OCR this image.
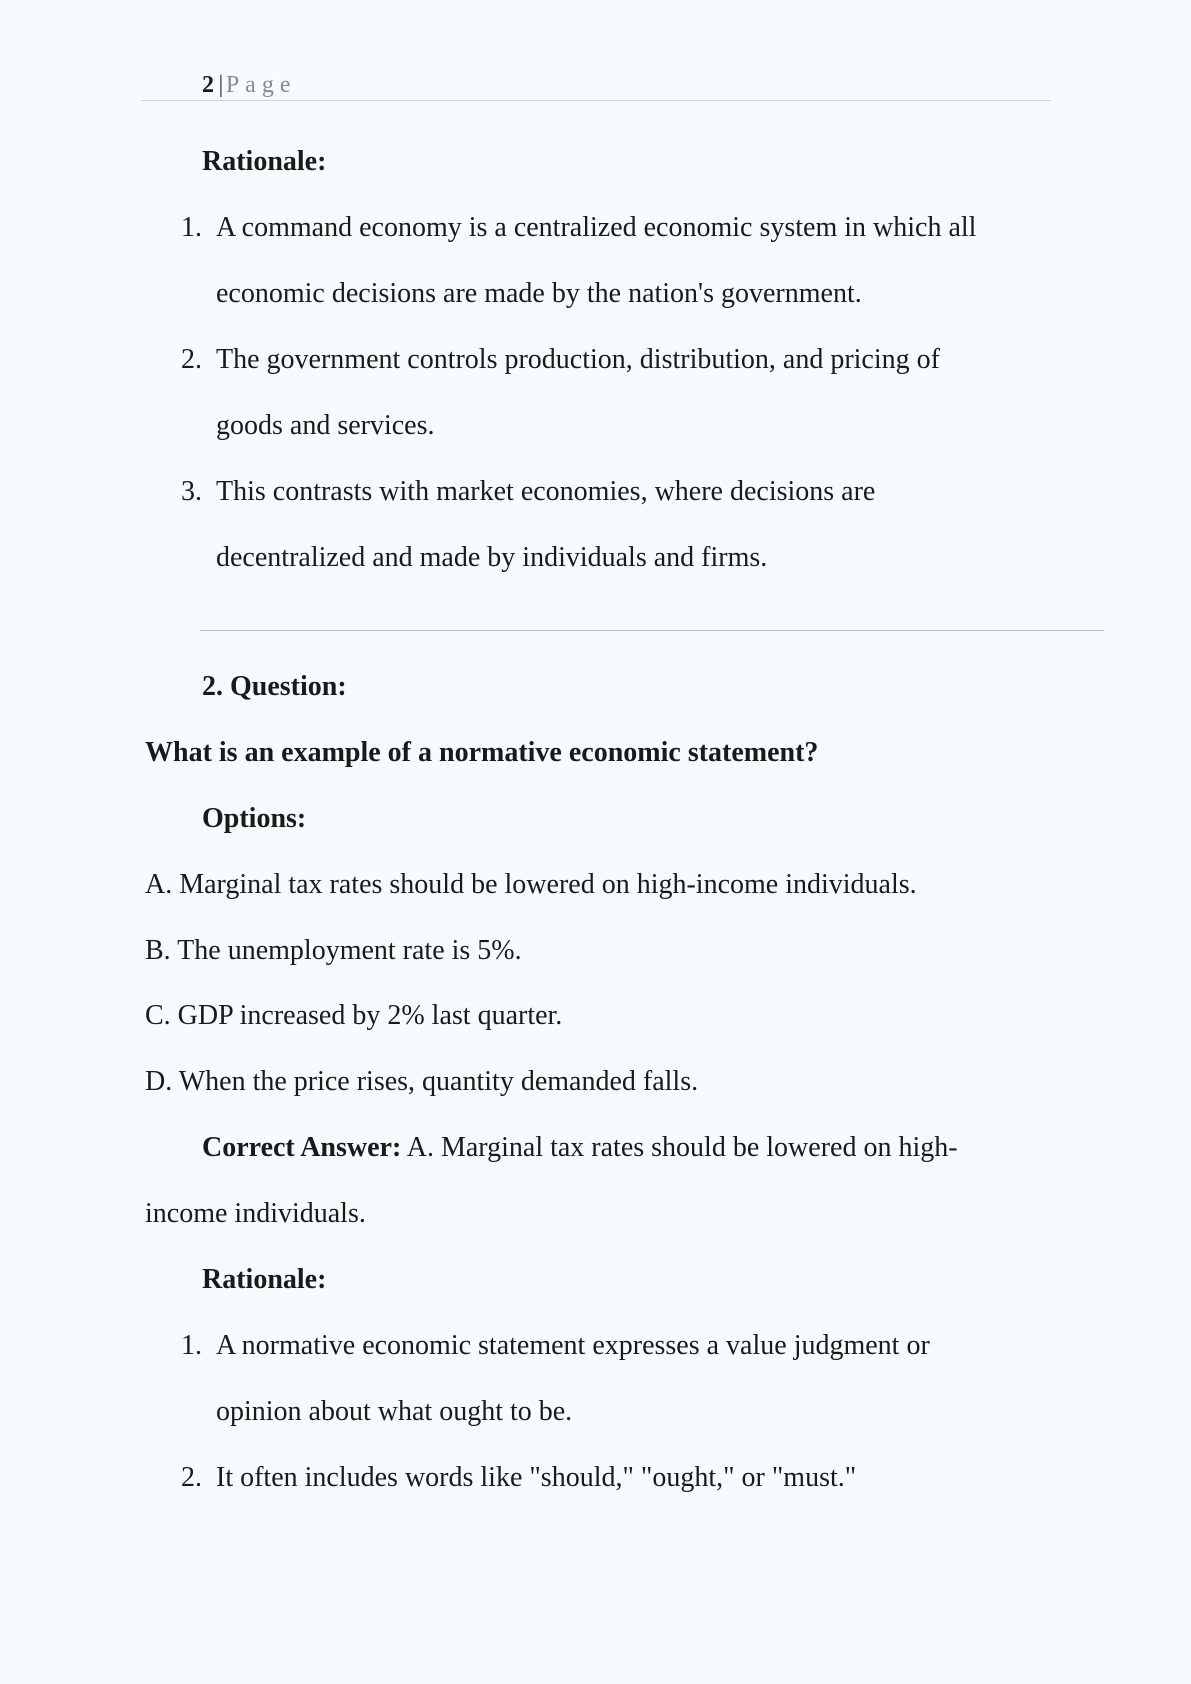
2 |Page
Rationale:
1. A command economy is a centralized economic system in which all
economic decisions are made by the nation's government.
2. The government controls production, distribution, and pricing of
goods and services.
3. This contrasts with market economies, where decisions are
decentralized and made by individuals and firms.
2. Question:
What is an example of a normative economic statement?
Options:
A. Marginal tax rates should be lowered on high-income individuals.
B. The unemployment rate is 5%.
C. GDP increased by 2% last quarter.
D. When the price rises, quantity demanded falls.
Correct Answer: A. Marginal tax rates should be lowered on high-
income individuals.
Rationale:
1. A normative economic statement expresses a value judgment or
opinion about what ought to be.
2. It often includes words like "should," "ought," or "must."
